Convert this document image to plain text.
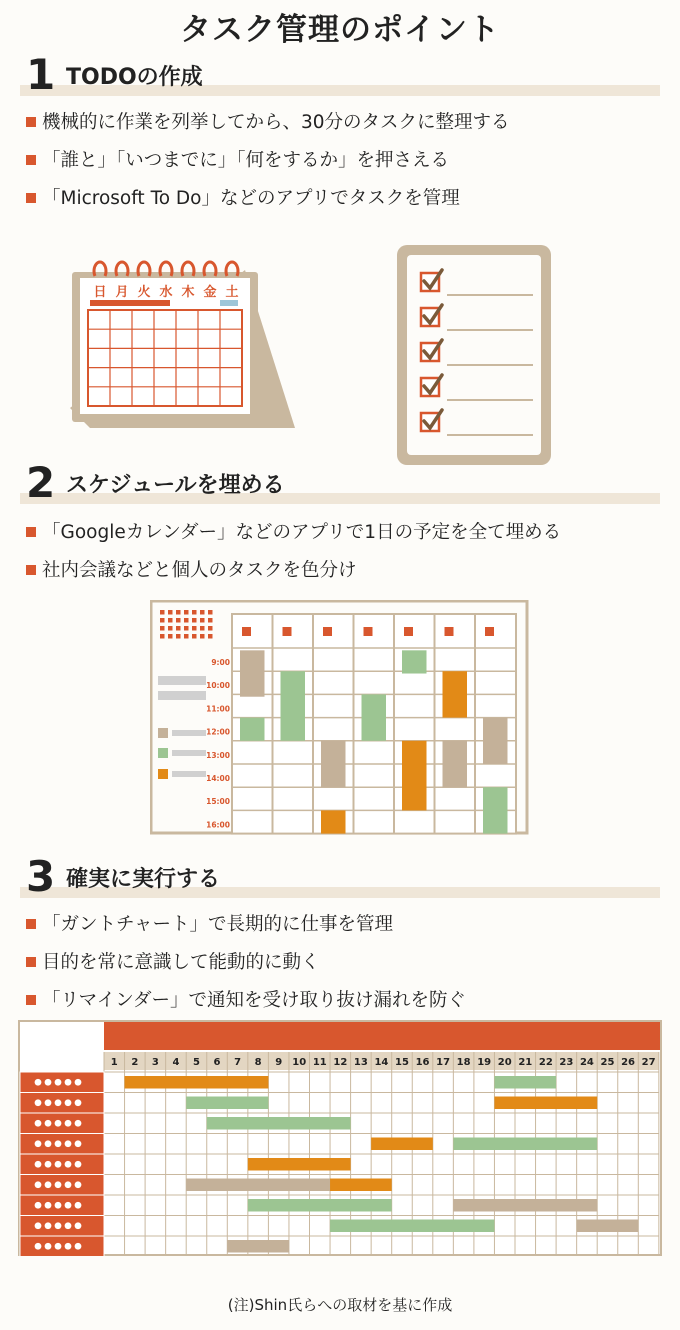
タスク管理のポイント
1 TODOの作成
機械的に作業を列挙してから、30分のタスクに整理する
「誰と」「いつまでに」「何をするか」を押さえる
「Microsoft To Do」などのアプリでタスクを管理
日 月 火 水 木 金 土
2 スケジュールを埋める
「Googleカレンダー」などのアプリで1日の予定を全て埋める
社内会議などと個人のタスクを色分け
9:00
10:00
11:00
12:00
13:00
14:00
15:00
16:00
3 確実に実行する
「ガントチャート」で長期的に仕事を管理
目的を常に意識して能動的に動く
「リマインダー」で通知を受け取り抜け漏れを防ぐ
1 2 3 4 5 6 7 8 9 10 11 12 13 14 15 16 17 18 19 20 21 22 23 24 25 26 27
(注)Shin氏らへの取材を基に作成
